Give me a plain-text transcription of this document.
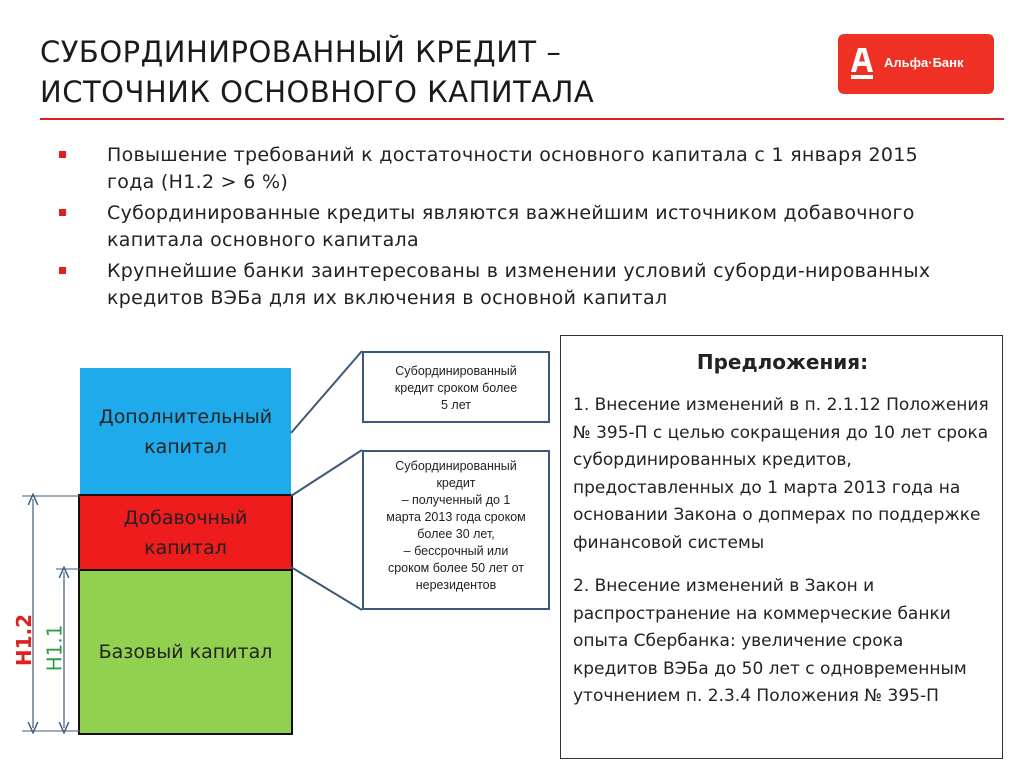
СУБОРДИНИРОВАННЫЙ КРЕДИТ –
ИСТОЧНИК ОСНОВНОГО КАПИТАЛА
Альфа·Банк
Повышение требований к достаточности основного капитала с 1 января 2015 года (Н1.2 > 6 %)
Субординированные кредиты являются важнейшим источником добавочного капитала основного капитала
Крупнейшие банки заинтересованы в изменении условий суборди-нированных кредитов ВЭБа для их включения в основной капитал
Дополнительный
капитал
Добавочный
капитал
Базовый капитал
Н1.2 Н1.1
Субординированный
кредит сроком более
5 лет
Субординированный
кредит
– полученный до 1
марта 2013 года сроком
более 30 лет,
– бессрочный или
сроком более 50 лет от
нерезидентов
Предложения:

1. Внесение изменений в п. 2.1.12 Положения № 395-П с целью сокращения до 10 лет срока субординированных кредитов, предоставленных до 1 марта 2013 года на основании Закона о допмерах по поддержке финансовой системы

2. Внесение изменений в Закон и распространение на коммерческие банки опыта Сбербанка: увеличение срока кредитов ВЭБа до 50 лет с одновременным уточнением п. 2.3.4 Положения № 395-П
